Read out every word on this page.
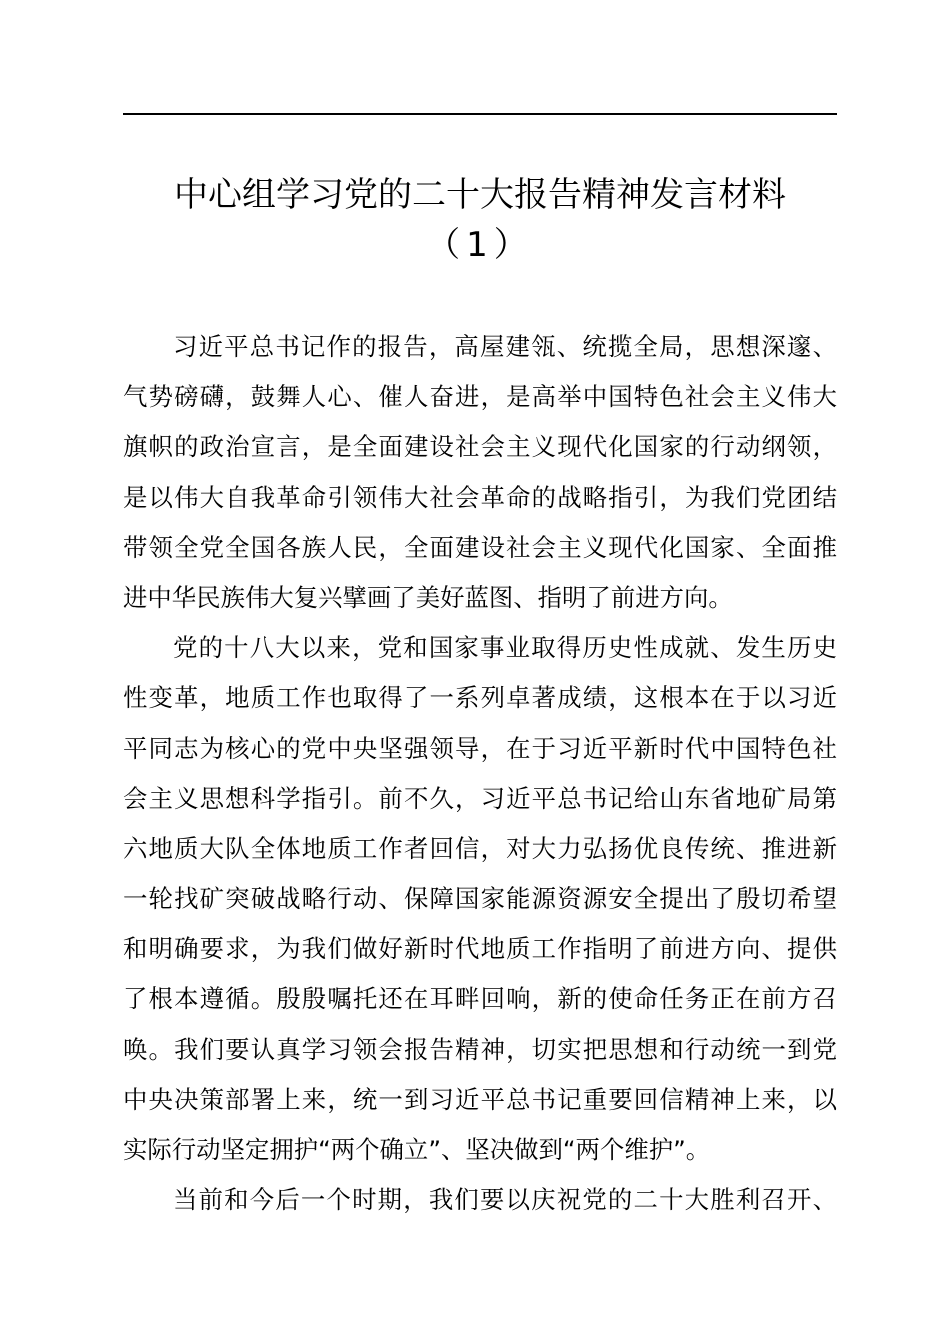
中心组学习党的二十大报告精神发言材料
（1）
习近平总书记作的报告，高屋建瓴、统揽全局，思想深邃、
气势磅礴，鼓舞人心、催人奋进，是高举中国特色社会主义伟大
旗帜的政治宣言，是全面建设社会主义现代化国家的行动纲领，
是以伟大自我革命引领伟大社会革命的战略指引，为我们党团结
带领全党全国各族人民，全面建设社会主义现代化国家、全面推
进中华民族伟大复兴擘画了美好蓝图、指明了前进方向。
党的十八大以来，党和国家事业取得历史性成就、发生历史
性变革，地质工作也取得了一系列卓著成绩，这根本在于以习近
平同志为核心的党中央坚强领导，在于习近平新时代中国特色社
会主义思想科学指引。前不久，习近平总书记给山东省地矿局第
六地质大队全体地质工作者回信，对大力弘扬优良传统、推进新
一轮找矿突破战略行动、保障国家能源资源安全提出了殷切希望
和明确要求，为我们做好新时代地质工作指明了前进方向、提供
了根本遵循。殷殷嘱托还在耳畔回响，新的使命任务正在前方召
唤。我们要认真学习领会报告精神，切实把思想和行动统一到党
中央决策部署上来，统一到习近平总书记重要回信精神上来，以
实际行动坚定拥护“两个确立”、坚决做到“两个维护”。
当前和今后一个时期，我们要以庆祝党的二十大胜利召开、
